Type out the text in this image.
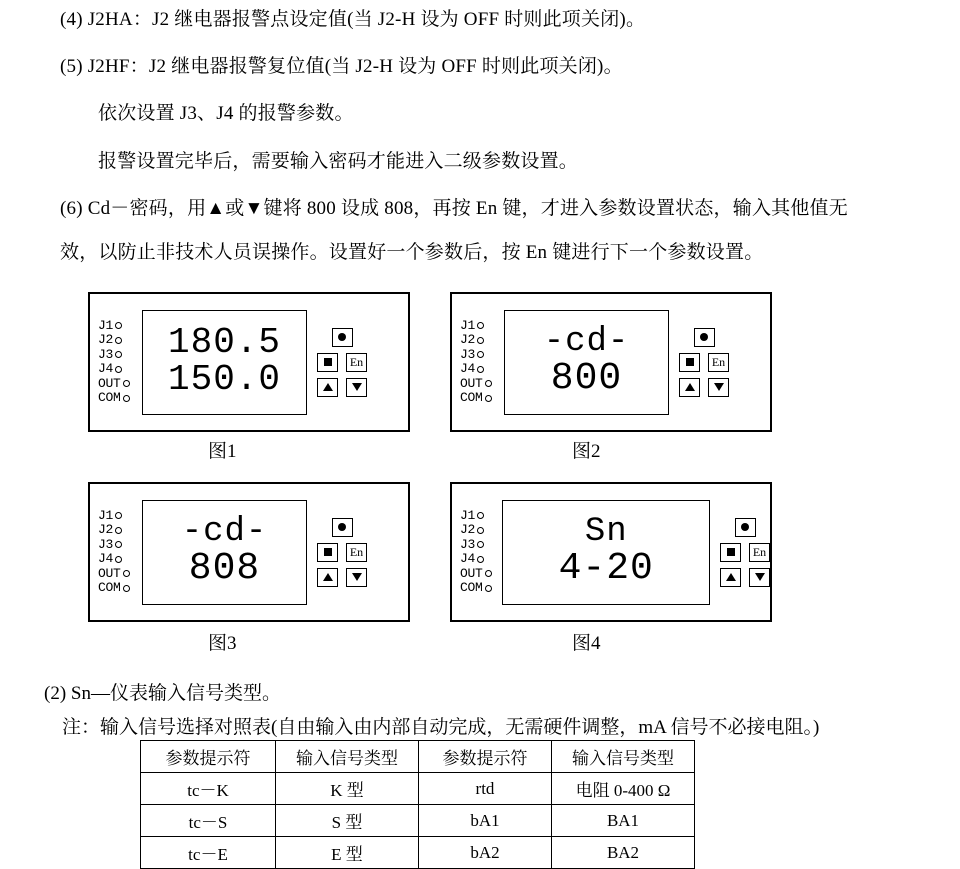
(4) J2HA：J2 继电器报警点设定值(当 J2-H 设为 OFF 时则此项关闭)。
(5) J2HF：J2 继电器报警复位值(当 J2-H 设为 OFF 时则此项关闭)。
依次设置 J3、J4 的报警参数。
报警设置完毕后，需要输入密码才能进入二级参数设置。
(6) Cd－密码，用▲或▼键将 800 设成 808，再按 En 键，才进入参数设置状态，输入其他值无
效，以防止非技术人员误操作。设置好一个参数后，按 En 键进行下一个参数设置。
J1
J2
J3
J4
OUT
COM
180.5
150.0	En
图1
J1
J2
J3
J4
OUT
COM
-cd-
800	En
图2
J1
J2
J3
J4
OUT
COM
-cd-
808	En
图3
J1
J2
J3
J4
OUT
COM
Sn
4-20	En
图4
(2) Sn—仪表输入信号类型。
注：输入信号选择对照表(自由输入由内部自动完成，无需硬件调整，mA 信号不必接电阻。)
参数提示符	输入信号类型	参数提示符	输入信号类型
tc－K	K 型	rtd	电阻 0-400 Ω
tc－S	S 型	bA1	BA1
tc－E	E 型	bA2	BA2
